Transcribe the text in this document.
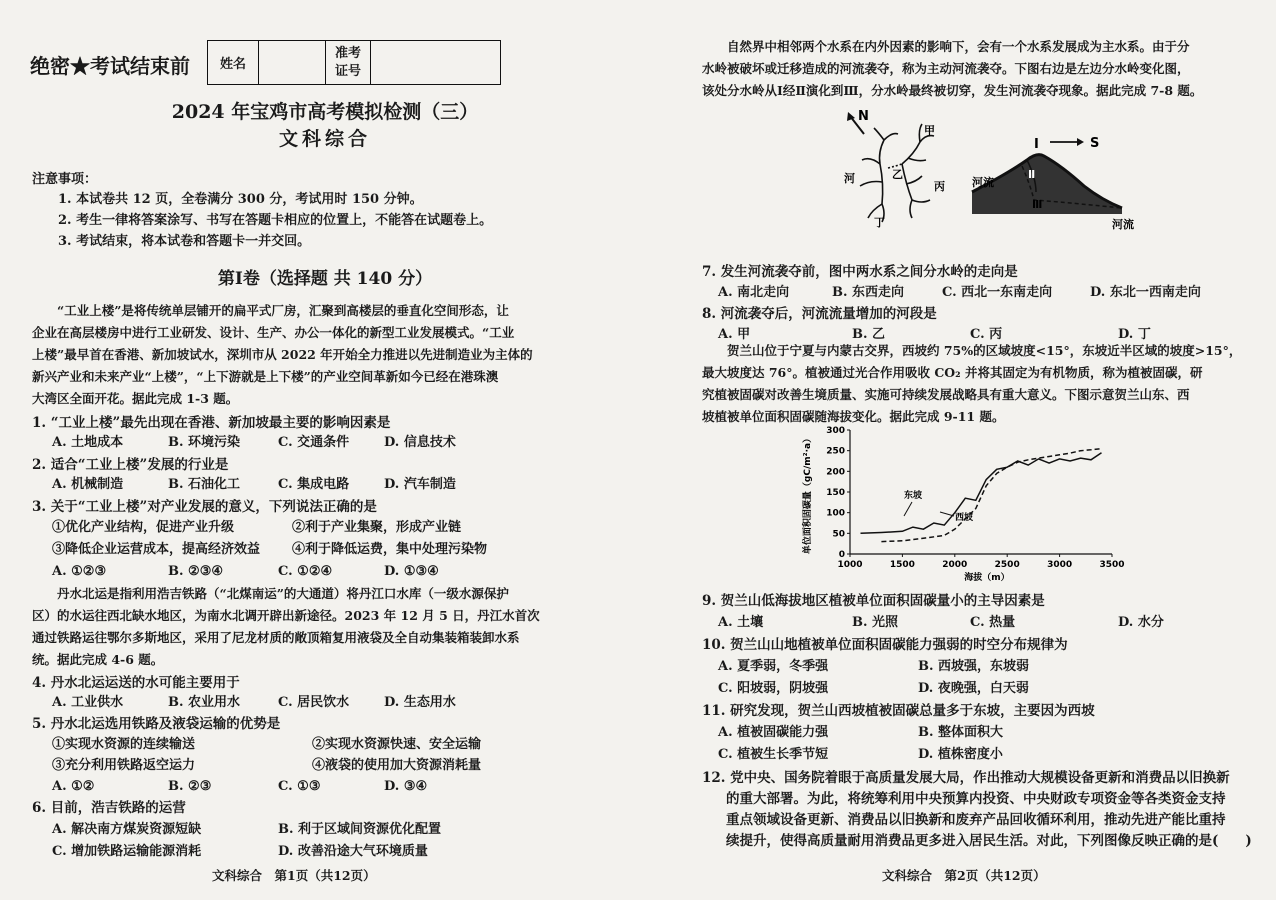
绝密★考试结束前	姓名
准考
证号
2024 年宝鸡市高考模拟检测（三）
文科综合
注意事项：
1. 本试卷共 12 页，全卷满分 300 分，考试用时 150 分钟。
2. 考生一律将答案涂写、书写在答题卡相应的位置上，不能答在试题卷上。
3. 考试结束，将本试卷和答题卡一并交回。
第Ⅰ卷（选择题 共 140 分）
“工业上楼”是将传统单层铺开的扁平式厂房，汇聚到高楼层的垂直化空间形态，让
企业在高层楼房中进行工业研发、设计、生产、办公一体化的新型工业发展模式。“工业
上楼”最早首在香港、新加坡试水，深圳市从 2022 年开始全力推进以先进制造业为主体的
新兴产业和未来产业“上楼”，“上下游就是上下楼”的产业空间革新如今已经在港珠澳
大湾区全面开花。据此完成 1-3 题。
1. “工业上楼”最先出现在香港、新加坡最主要的影响因素是
A. 土地成本	B. 环境污染	C. 交通条件	D. 信息技术
2. 适合“工业上楼”发展的行业是
A. 机械制造	B. 石油化工	C. 集成电路	D. 汽车制造
3. 关于“工业上楼”对产业发展的意义，下列说法正确的是
①优化产业结构，促进产业升级	②利于产业集聚，形成产业链
③降低企业运营成本，提高经济效益 ④利于降低运费，集中处理污染物
A. ①②③	B. ②③④	C. ①②④	D. ①③④
丹水北运是指利用浩吉铁路（“北煤南运”的大通道）将丹江口水库（一级水源保护
区）的水运往西北缺水地区，为南水北调开辟出新途径。2023 年 12 月 5 日，丹江水首次
通过铁路运往鄂尔多斯地区，采用了尼龙材质的敞顶箱复用液袋及全自动集装箱装卸水系
统。据此完成 4-6 题。
4. 丹水北运运送的水可能主要用于
A. 工业供水	B. 农业用水	C. 居民饮水	D. 生态用水
5. 丹水北运选用铁路及液袋运输的优势是
①实现水资源的连续输送	②实现水资源快速、安全运输
③充分利用铁路返空运力	④液袋的使用加大资源消耗量
A. ①②	B. ②③	C. ①③	D. ③④
6. 目前，浩吉铁路的运营
A. 解决南方煤炭资源短缺	B. 利于区域间资源优化配置
C. 增加铁路运输能源消耗	D. 改善沿途大气环境质量
文科综合　第1页（共12页）
自然界中相邻两个水系在内外因素的影响下，会有一个水系发展成为主水系。由于分
水岭被破坏或迁移造成的河流袭夺，称为主动河流袭夺。下图右边是左边分水岭变化图，
该处分水岭从Ⅰ经Ⅱ演化到Ⅲ，分水岭最终被切穿，发生河流袭夺现象。据此完成 7-8 题。
N
河
甲
乙
丙
丁
Ⅰ	S
Ⅱ
Ⅲ
河流
河流
7. 发生河流袭夺前，图中两水系之间分水岭的走向是
A. 南北走向	B. 东西走向	C. 西北一东南走向	D. 东北一西南走向
8. 河流袭夺后，河流流量增加的河段是
A. 甲	B. 乙	C. 丙	D. 丁
贺兰山位于宁夏与内蒙古交界，西坡约 75%的区域坡度<15°，东坡近半区域的坡度>15°，
最大坡度达 76°。植被通过光合作用吸收 CO₂ 并将其固定为有机物质，称为植被固碳，研
究植被固碳对改善生境质量、实施可持续发展战略具有重大意义。下图示意贺兰山东、西
坡植被单位面积固碳随海拔变化。据此完成 9-11 题。
1000	1500	2000	2500	3000	3500
0
50
100
150
200
250
300
单位面积固碳量（gC/m²·a）
海拔（m）
东坡
西坡
9. 贺兰山低海拔地区植被单位面积固碳量小的主导因素是
A. 土壤	B. 光照	C. 热量	D. 水分
10. 贺兰山山地植被单位面积固碳能力强弱的时空分布规律为
A. 夏季弱，冬季强	B. 西坡强，东坡弱
C. 阳坡弱，阴坡强	D. 夜晚强，白天弱
11. 研究发现，贺兰山西坡植被固碳总量多于东坡，主要因为西坡
A. 植被固碳能力强	B. 整体面积大
C. 植被生长季节短	D. 植株密度小
12. 党中央、国务院着眼于高质量发展大局，作出推动大规模设备更新和消费品以旧换新
的重大部署。为此，将统筹利用中央预算内投资、中央财政专项资金等各类资金支持
重点领域设备更新、消费品以旧换新和废弃产品回收循环利用，推动先进产能比重持
续提升，使得高质量耐用消费品更多进入居民生活。对此，下列图像反映正确的是(　　)
文科综合　第2页（共12页）
